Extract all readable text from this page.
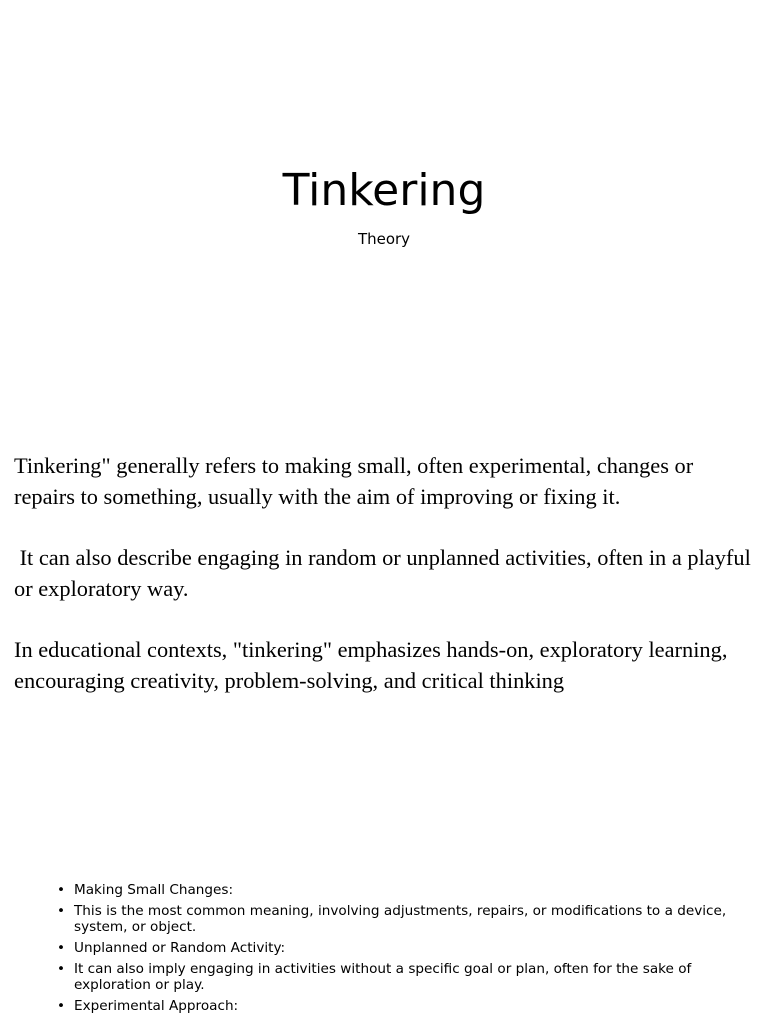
Tinkering
Theory

Tinkering" generally refers to making small, often experimental, changes or repairs to something, usually with the aim of improving or fixing it.

It can also describe engaging in random or unplanned activities, often in a playful or exploratory way.

In educational contexts, "tinkering" emphasizes hands-on, exploratory learning, encouraging creativity, problem-solving, and critical thinking

• Making Small Changes:
• This is the most common meaning, involving adjustments, repairs, or modifications to a device, system, or object.
• Unplanned or Random Activity:
• It can also imply engaging in activities without a specific goal or plan, often for the sake of exploration or play.
• Experimental Approach:
